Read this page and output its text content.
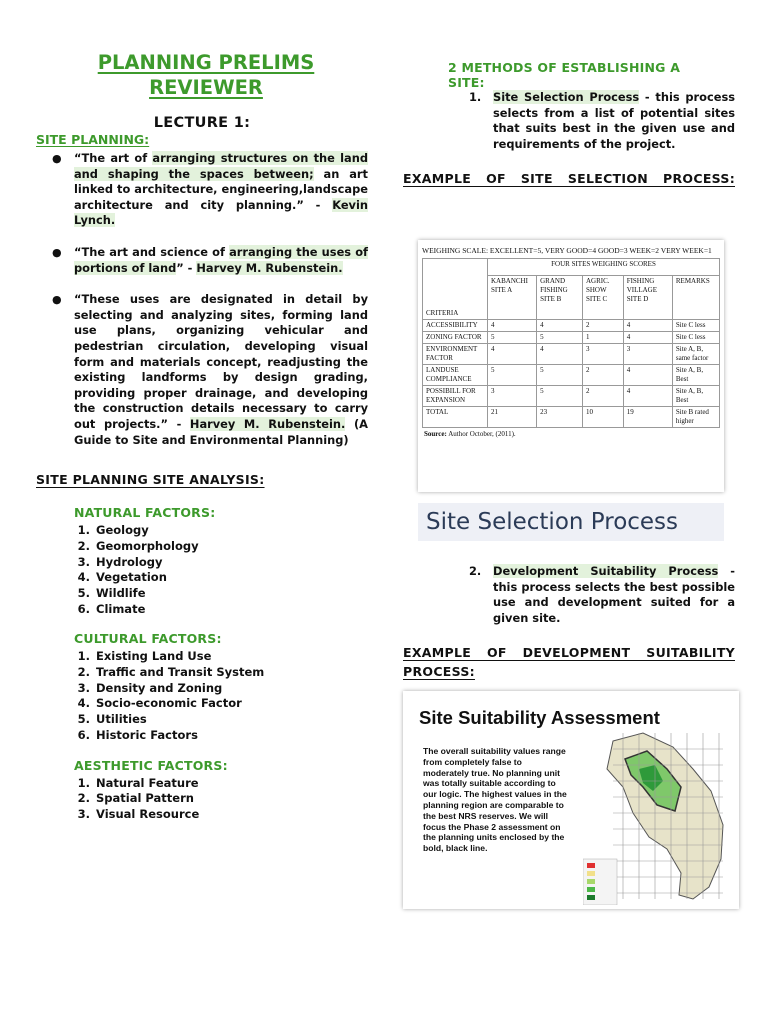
PLANNING PRELIMS
REVIEWER
LECTURE 1:
SITE PLANNING:
● “The art of arranging structures on the land and shaping the spaces between; an art linked to architecture, engineering,landscape architecture and city planning.” - Kevin Lynch.
● “The art and science of arranging the uses of portions of land” - Harvey M. Rubenstein.
● “These uses are designated in detail by selecting and analyzing sites, forming land use plans, organizing vehicular and pedestrian circulation, developing visual form and materials concept, readjusting the existing landforms by design grading, providing proper drainage, and developing the construction details necessary to carry out projects.” - Harvey M. Rubenstein. (A Guide to Site and Environmental Planning)
SITE PLANNING SITE ANALYSIS:
NATURAL FACTORS:
1. Geology
2. Geomorphology
3. Hydrology
4. Vegetation
5. Wildlife
6. Climate
CULTURAL FACTORS:
1. Existing Land Use
2. Traffic and Transit System
3. Density and Zoning
4. Socio-economic Factor
5. Utilities
6. Historic Factors
AESTHETIC FACTORS:
1. Natural Feature
2. Spatial Pattern
3. Visual Resource
2 METHODS OF ESTABLISHING A
SITE:
1. Site Selection Process - this process selects from a list of potential sites that suits best in the given use and requirements of the project.
EXAMPLE OF SITE SELECTION PROCESS:
WEIGHING SCALE: EXCELLENT=5, VERY GOOD=4 GOOD=3 WEEK=2 VERY WEEK=1
CRITERIA	FOUR SITES WEIGHING SCORES				
	KABANCHI SITE A	GRAND FISHING SITE B	AGRIC. SHOW SITE C	FISHING VILLAGE SITE D	REMARKS
ACCESSIBILITY	4	4	2	4	Site C less
ZONING FACTOR	5	5	1	4	Site C less
ENVIRONMENT FACTOR	4	4	3	3	Site A, B, same factor
LANDUSE COMPLIANCE	5	5	2	4	Site A, B, Best
POSSIBILL FOR EXPANSION	3	5	2	4	Site A, B, Best
TOTAL	21	23	10	19	Site B rated higher
Source: Author October, (2011).
Site Selection Process
2. Development Suitability Process - this process selects the best possible use and development suited for a given site.
EXAMPLE OF DEVELOPMENT SUITABILITY PROCESS:
Site Suitability Assessment
The overall suitability values range from completely false to moderately true. No planning unit was totally suitable according to our logic. The highest values in the planning region are comparable to the best NRS reserves. We will focus the Phase 2 assessment on the planning units enclosed by the bold, black line.
